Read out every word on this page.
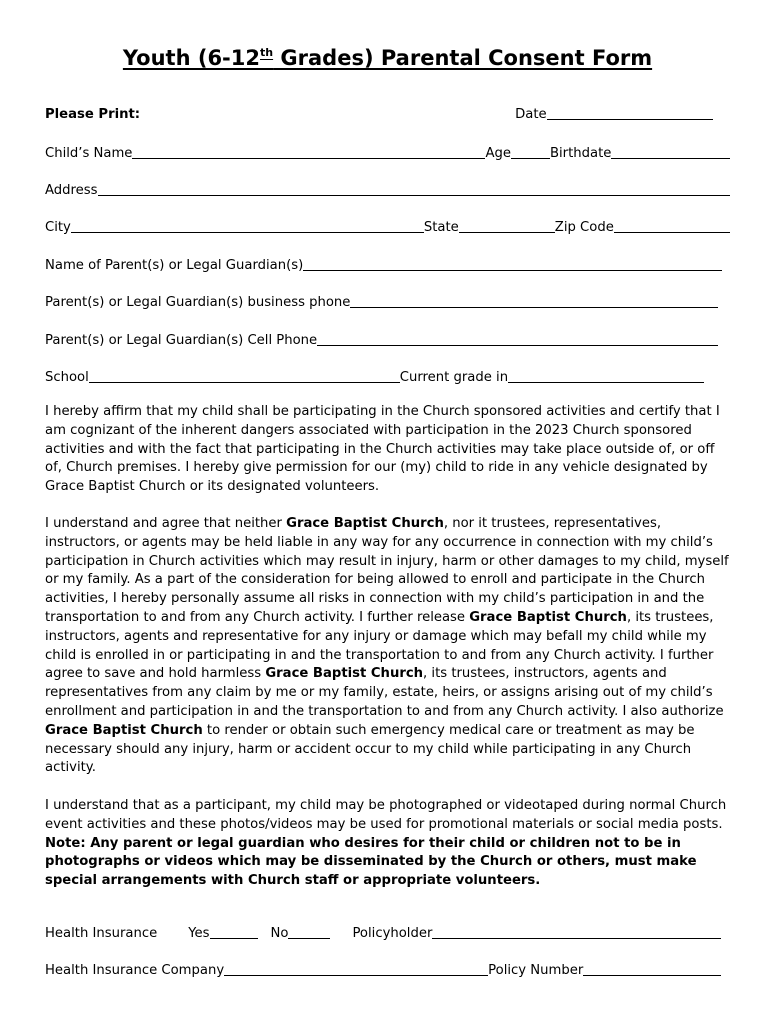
Youth (6-12th Grades) Parental Consent Form
Please Print:	Date
Child’s Name	Age	Birthdate
Address
City	State	Zip Code
Name of Parent(s) or Legal Guardian(s)
Parent(s) or Legal Guardian(s) business phone
Parent(s) or Legal Guardian(s) Cell Phone
School	Current grade in
I hereby affirm that my child shall be participating in the Church sponsored activities and certify that I am cognizant of the inherent dangers associated with participation in the 2023 Church sponsored activities and with the fact that participating in the Church activities may take place outside of, or off of, Church premises. I hereby give permission for our (my) child to ride in any vehicle designated by Grace Baptist Church or its designated volunteers.
I understand and agree that neither Grace Baptist Church, nor it trustees, representatives, instructors, or agents may be held liable in any way for any occurrence in connection with my child’s participation in Church activities which may result in injury, harm or other damages to my child, myself or my family. As a part of the consideration for being allowed to enroll and participate in the Church activities, I hereby personally assume all risks in connection with my child’s participation in and the transportation to and from any Church activity. I further release Grace Baptist Church, its trustees, instructors, agents and representative for any injury or damage which may befall my child while my child is enrolled in or participating in and the transportation to and from any Church activity. I further agree to save and hold harmless Grace Baptist Church, its trustees, instructors, agents and representatives from any claim by me or my family, estate, heirs, or assigns arising out of my child’s enrollment and participation in and the transportation to and from any Church activity. I also authorize Grace Baptist Church to render or obtain such emergency medical care or treatment as may be necessary should any injury, harm or accident occur to my child while participating in any Church activity.
I understand that as a participant, my child may be photographed or videotaped during normal Church event activities and these photos/videos may be used for promotional materials or social media posts. Note: Any parent or legal guardian who desires for their child or children not to be in photographs or videos which may be disseminated by the Church or others, must make special arrangements with Church staff or appropriate volunteers.
Health Insurance Yes	No	Policyholder
Health Insurance Company	Policy Number
